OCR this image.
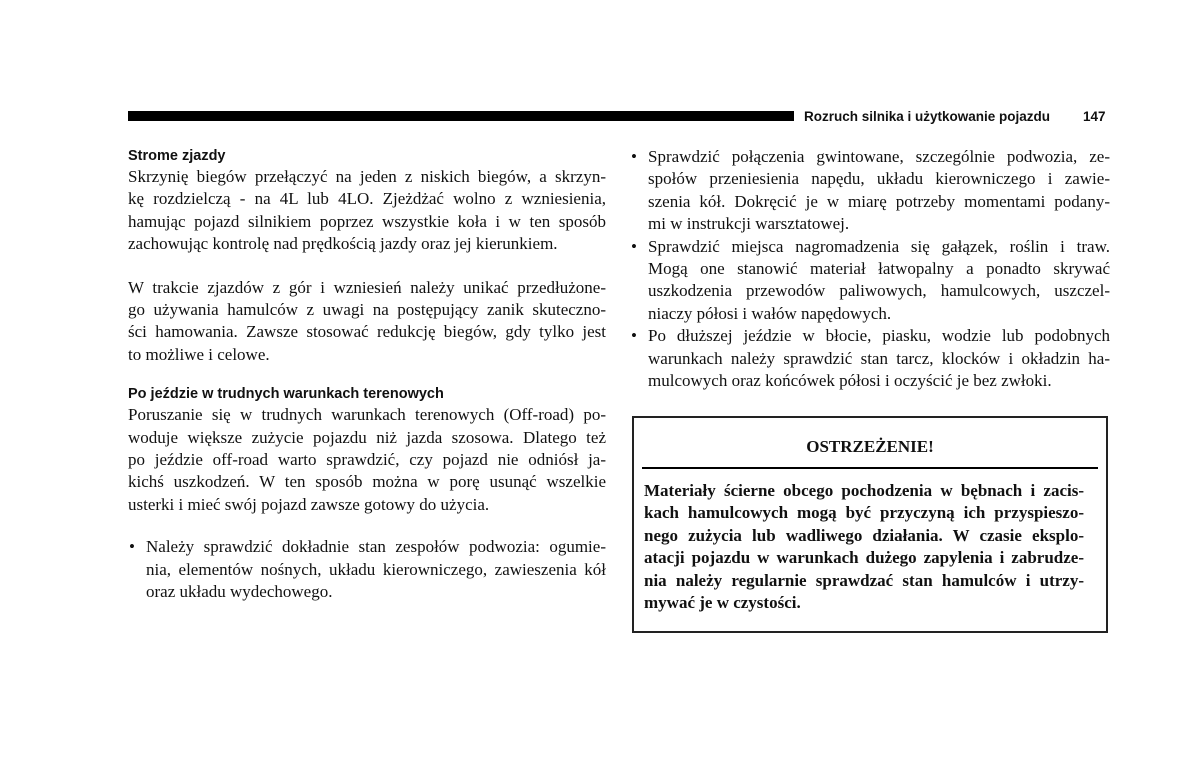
Rozruch silnika i użytkowanie pojazdu 147
Strome zjazdy
Skrzynię biegów przełączyć na jeden z niskich biegów, a skrzyn-
kę rozdzielczą - na 4L lub 4LO. Zjeżdżać wolno z wzniesienia,
hamując pojazd silnikiem poprzez wszystkie koła i w ten sposób
zachowując kontrolę nad prędkością jazdy oraz jej kierunkiem.
W trakcie zjazdów z gór i wzniesień należy unikać przedłużone-
go używania hamulców z uwagi na postępujący zanik skuteczno-
ści hamowania. Zawsze stosować redukcję biegów, gdy tylko jest
to możliwe i celowe.
Po jeździe w trudnych warunkach terenowych
Poruszanie się w trudnych warunkach terenowych (Off-road) po-
woduje większe zużycie pojazdu niż jazda szosowa. Dlatego też
po jeździe off-road warto sprawdzić, czy pojazd nie odniósł ja-
kichś uszkodzeń. W ten sposób można w porę usunąć wszelkie
usterki i mieć swój pojazd zawsze gotowy do użycia.
• Należy sprawdzić dokładnie stan zespołów podwozia: ogumie-
nia, elementów nośnych, układu kierowniczego, zawieszenia kół
oraz układu wydechowego.
• Sprawdzić połączenia gwintowane, szczególnie podwozia, ze-
społów przeniesienia napędu, układu kierowniczego i zawie-
szenia kół. Dokręcić je w miarę potrzeby momentami podany-
mi w instrukcji warsztatowej.
• Sprawdzić miejsca nagromadzenia się gałązek, roślin i traw.
Mogą one stanowić materiał łatwopalny a ponadto skrywać
uszkodzenia przewodów paliwowych, hamulcowych, uszczel-
niaczy półosi i wałów napędowych.
• Po dłuższej jeździe w błocie, piasku, wodzie lub podobnych
warunkach należy sprawdzić stan tarcz, klocków i okładzin ha-
mulcowych oraz końcówek półosi i oczyścić je bez zwłoki.
OSTRZEŻENIE!
Materiały ścierne obcego pochodzenia w bębnach i zacis-
kach hamulcowych mogą być przyczyną ich przyspieszo-
nego zużycia lub wadliwego działania. W czasie eksplo-
atacji pojazdu w warunkach dużego zapylenia i zabrudze-
nia należy regularnie sprawdzać stan hamulców i utrzy-
mywać je w czystości.
